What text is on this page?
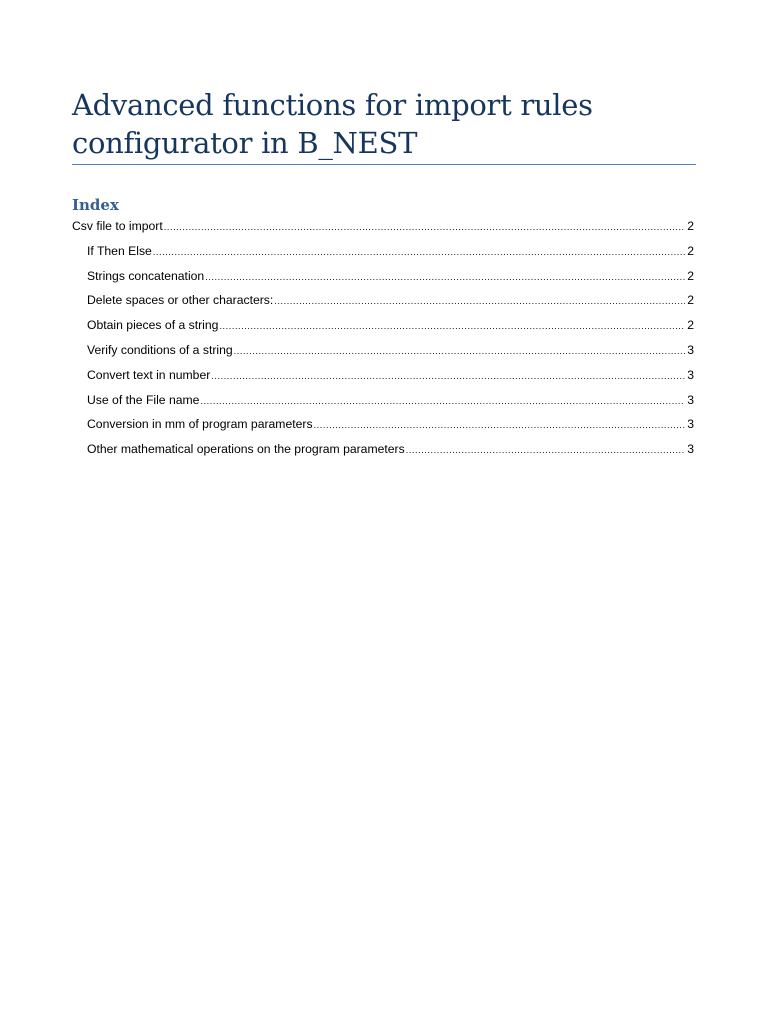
Advanced functions for import rules configurator in B_NEST
Index
Csv file to import .....	2
If Then Else .....	2
Strings concatenation .....	2
Delete spaces or other characters: .....	2
Obtain pieces of a string .....	2
Verify conditions of a string .....	3
Convert text in number .....	3
Use of the File name .....	3
Conversion in mm of program parameters .....	3
Other mathematical operations on the program parameters .....	3
